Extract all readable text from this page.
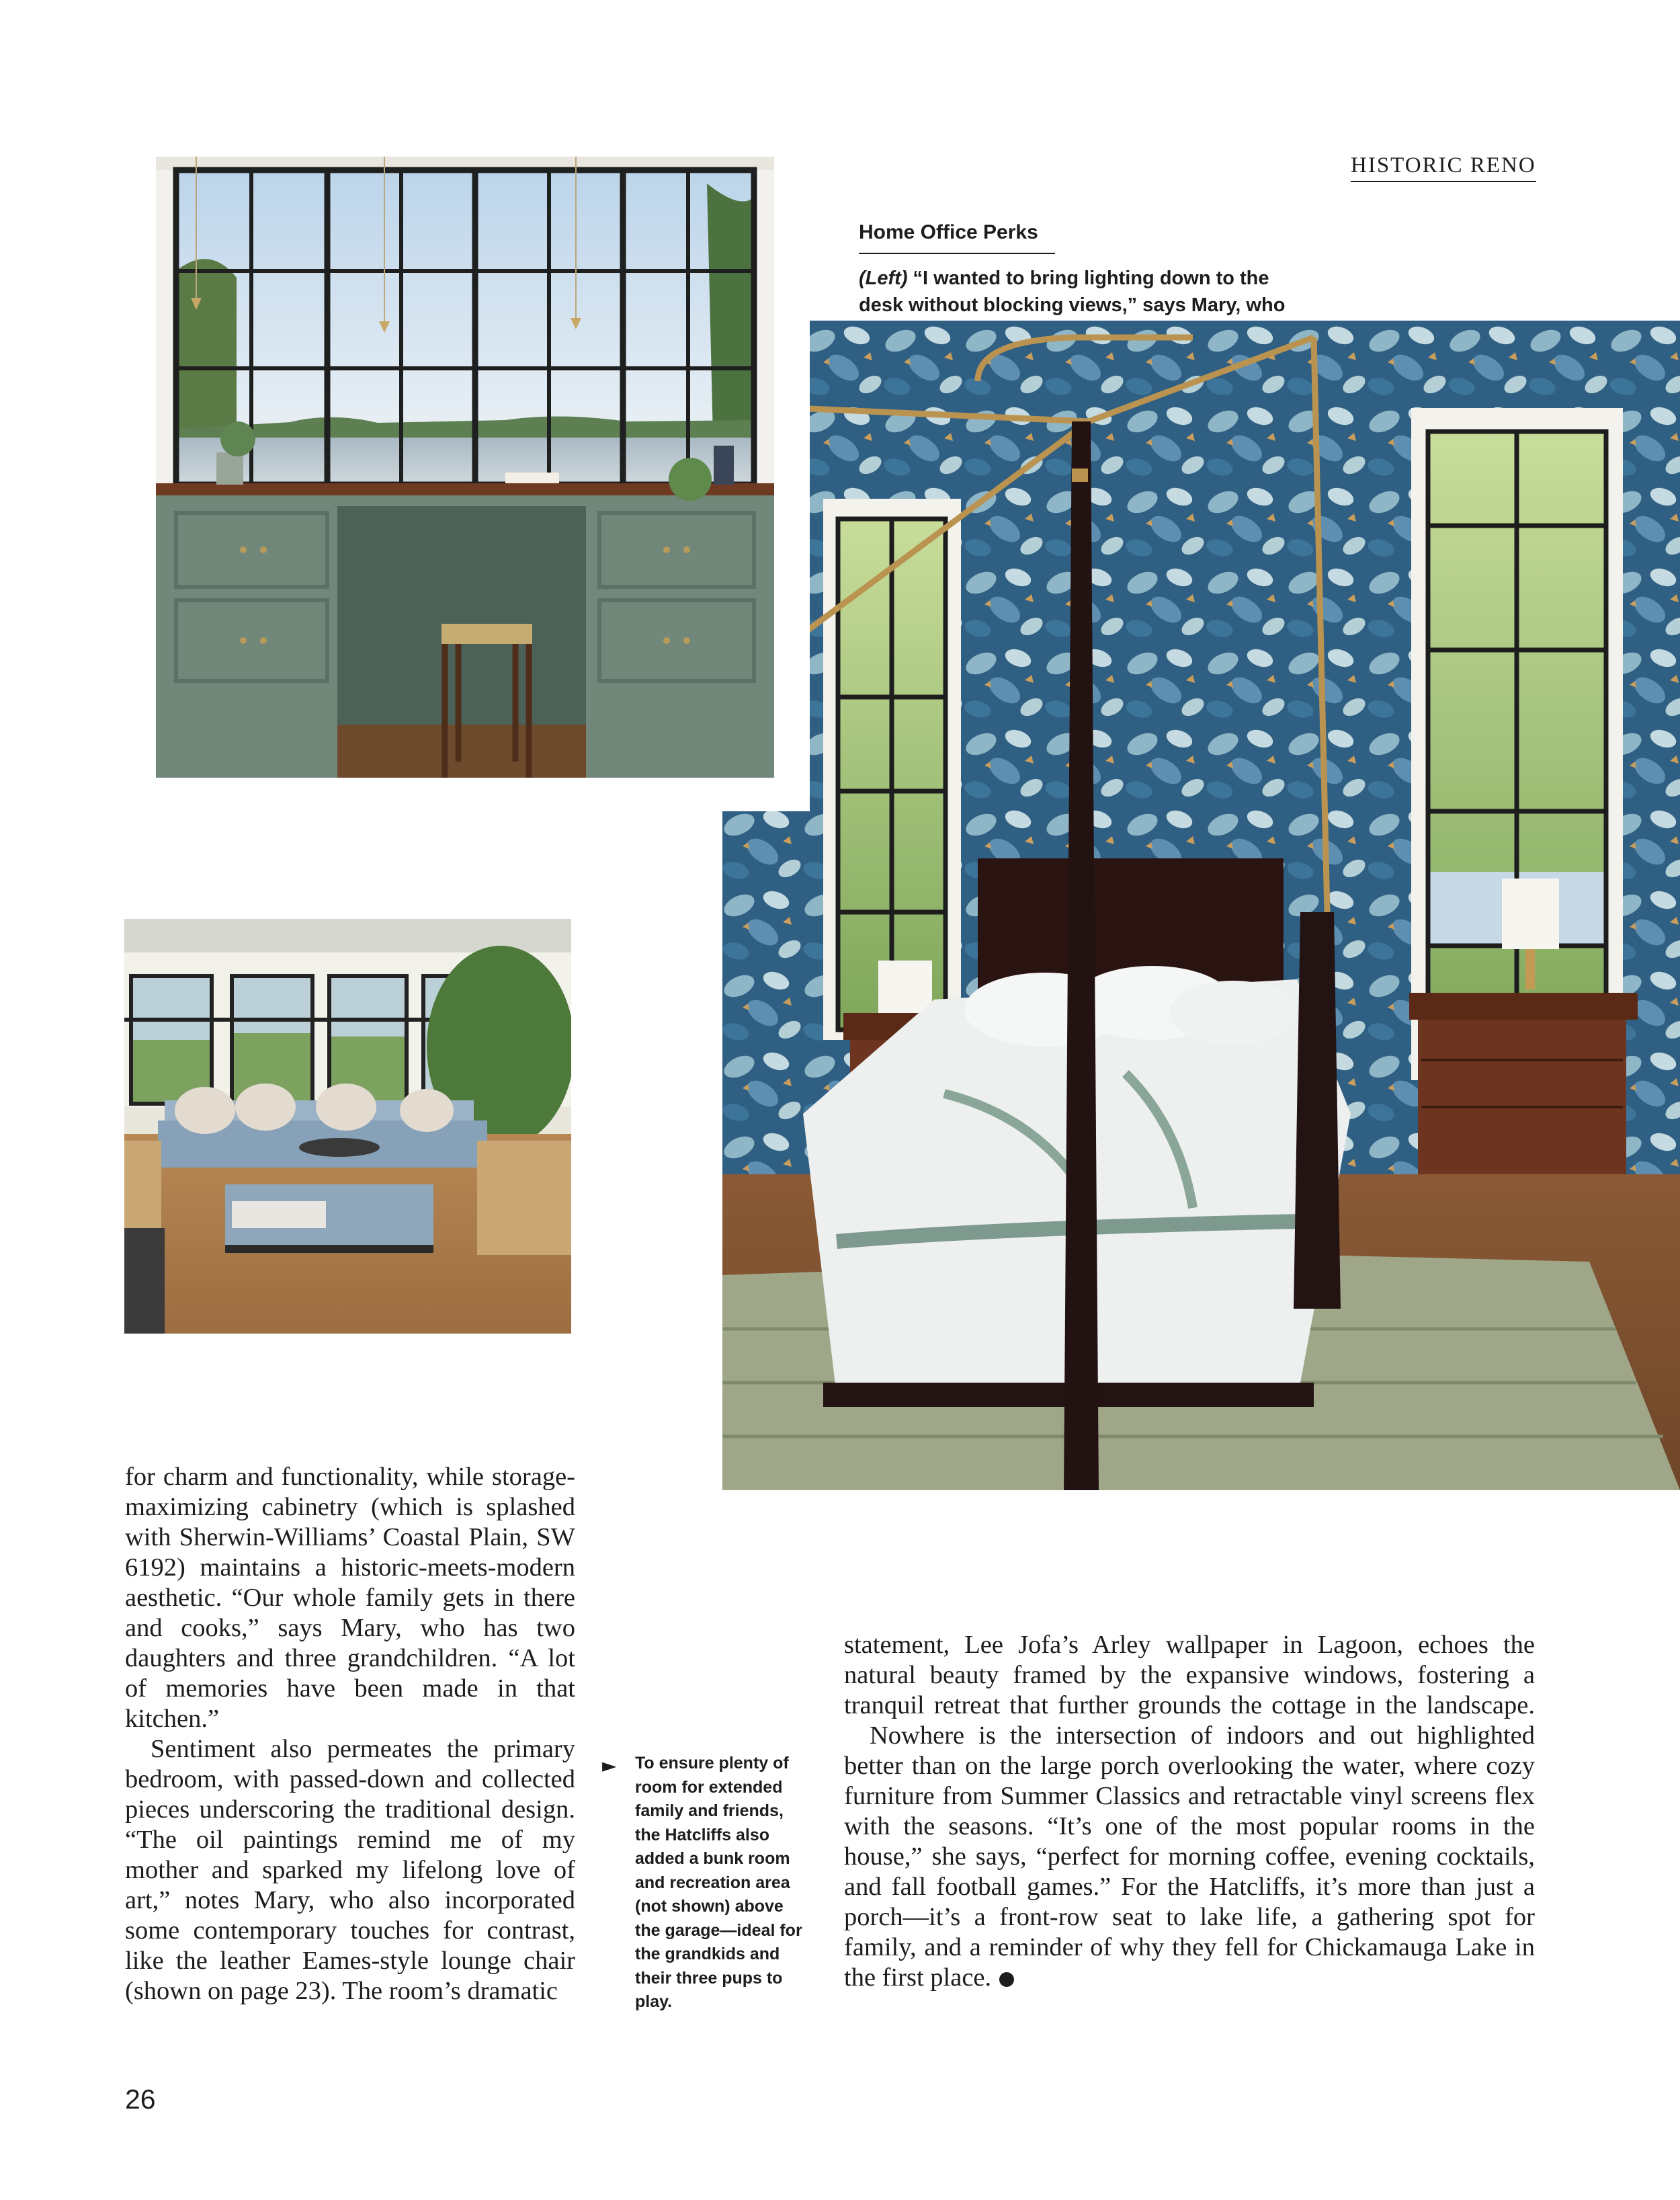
HISTORIC RENO
Home Office Perks
(Left) “I wanted to bring lighting down to the desk without blocking views,” says Mary, who

for charm and functionality, while storage-maximizing cabinetry (which is splashed with Sherwin-Williams’ Coastal Plain, SW 6192) maintains a historic-meets-modern aesthetic. “Our whole family gets in there and cooks,” says Mary, who has two daughters and three grandchildren. “A lot of memories have been made in that kitchen.”

Sentiment also permeates the primary bedroom, with passed-down and collected pieces underscoring the traditional design. “The oil paintings remind me of my mother and sparked my lifelong love of art,” notes Mary, who also incorporated some contemporary touches for contrast, like the leather Eames-style lounge chair (shown on page 23). The room’s dramatic

► To ensure plenty of room for extended family and friends, the Hatcliffs also added a bunk room and recreation area (not shown) above the garage—ideal for the grandkids and their three pups to play.

statement, Lee Jofa’s Arley wallpaper in Lagoon, echoes the natural beauty framed by the expansive windows, fostering a tranquil retreat that further grounds the cottage in the landscape.

Nowhere is the intersection of indoors and out highlighted better than on the large porch overlooking the water, where cozy furniture from Summer Classics and retractable vinyl screens flex with the seasons. “It’s one of the most popular rooms in the house,” she says, “perfect for morning coffee, evening cocktails, and fall football games.” For the Hatcliffs, it’s more than just a porch—it’s a front-row seat to lake life, a gathering spot for family, and a reminder of why they fell for Chickamauga Lake in the first place.

26
